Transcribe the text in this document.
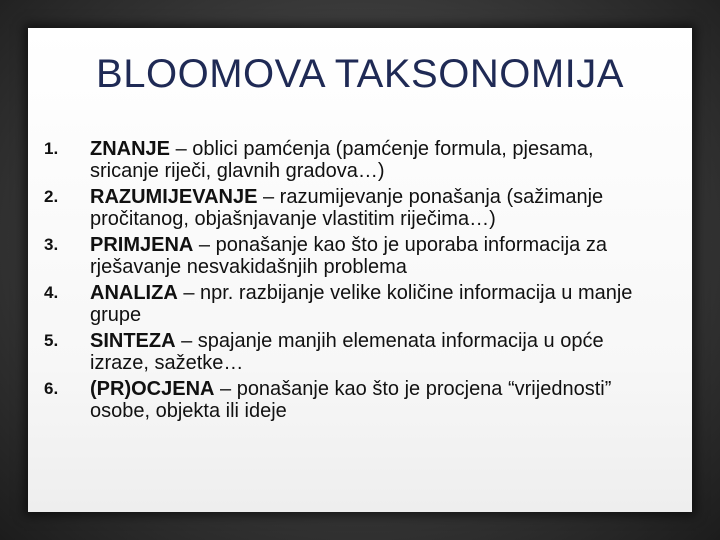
BLOOMOVA TAKSONOMIJA
1.	ZNANJE – oblici pamćenja (pamćenje formula, pjesama, sricanje riječi, glavnih gradova…)
2.	RAZUMIJEVANJE – razumijevanje ponašanja (sažimanje pročitanog, objašnjavanje vlastitim riječima…)
3.	PRIMJENA – ponašanje kao što je uporaba informacija za rješavanje nesvakidašnjih problema
4.	ANALIZA – npr. razbijanje velike količine informacija u manje grupe
5.	SINTEZA – spajanje manjih elemenata informacija u opće izraze, sažetke…
6.	(PR)OCJENA – ponašanje kao što je procjena “vrijednosti” osobe, objekta ili ideje
